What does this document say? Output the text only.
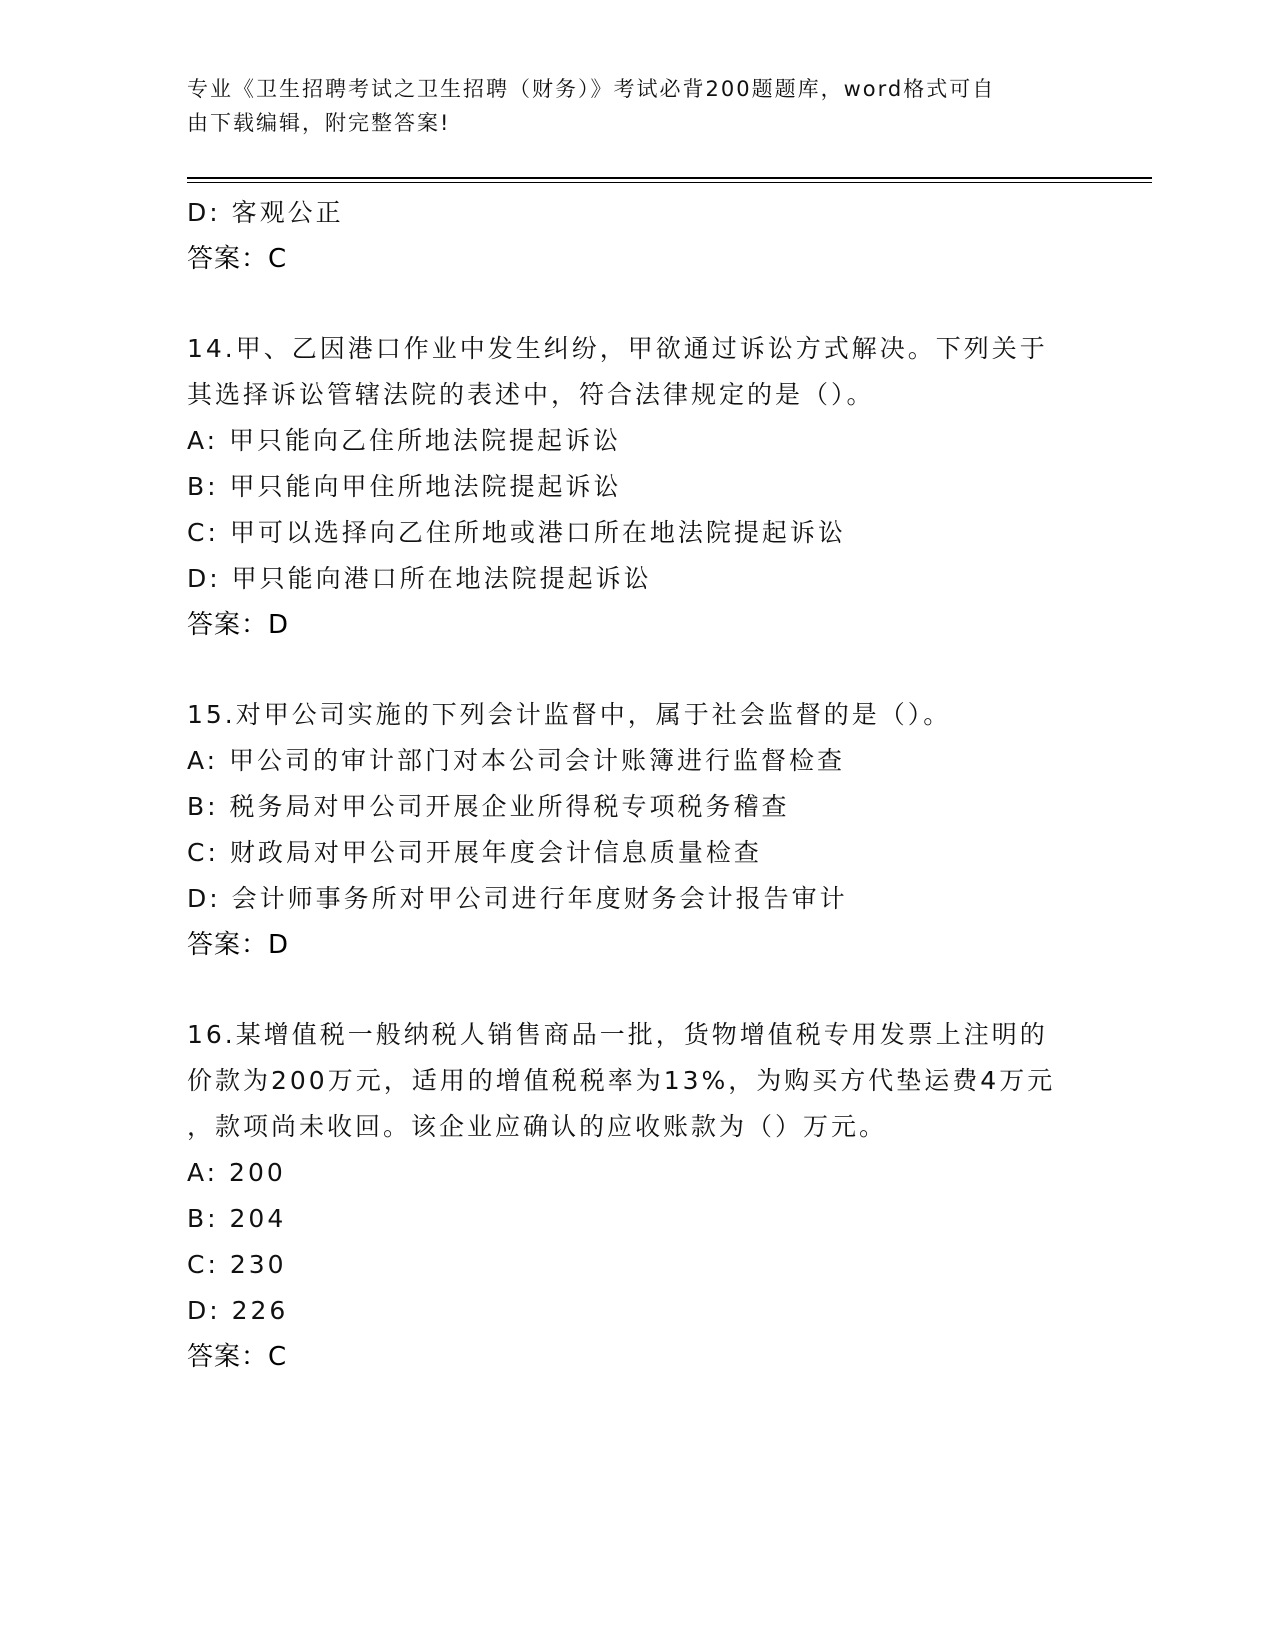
专业《卫生招聘考试之卫生招聘（财务）》考试必背200题题库，word格式可自
由下载编辑，附完整答案!
D: 客观公正
答案：C
14.甲、乙因港口作业中发生纠纷，甲欲通过诉讼方式解决。下列关于
其选择诉讼管辖法院的表述中，符合法律规定的是（）。
A: 甲只能向乙住所地法院提起诉讼
B: 甲只能向甲住所地法院提起诉讼
C: 甲可以选择向乙住所地或港口所在地法院提起诉讼
D: 甲只能向港口所在地法院提起诉讼
答案：D
15.对甲公司实施的下列会计监督中，属于社会监督的是（）。
A: 甲公司的审计部门对本公司会计账簿进行监督检查
B: 税务局对甲公司开展企业所得税专项税务稽查
C: 财政局对甲公司开展年度会计信息质量检查
D: 会计师事务所对甲公司进行年度财务会计报告审计
答案：D
16.某增值税一般纳税人销售商品一批，货物增值税专用发票上注明的
价款为200万元，适用的增值税税率为13%，为购买方代垫运费4万元
，款项尚未收回。该企业应确认的应收账款为（）万元。
A: 200
B: 204
C: 230
D: 226
答案：C
